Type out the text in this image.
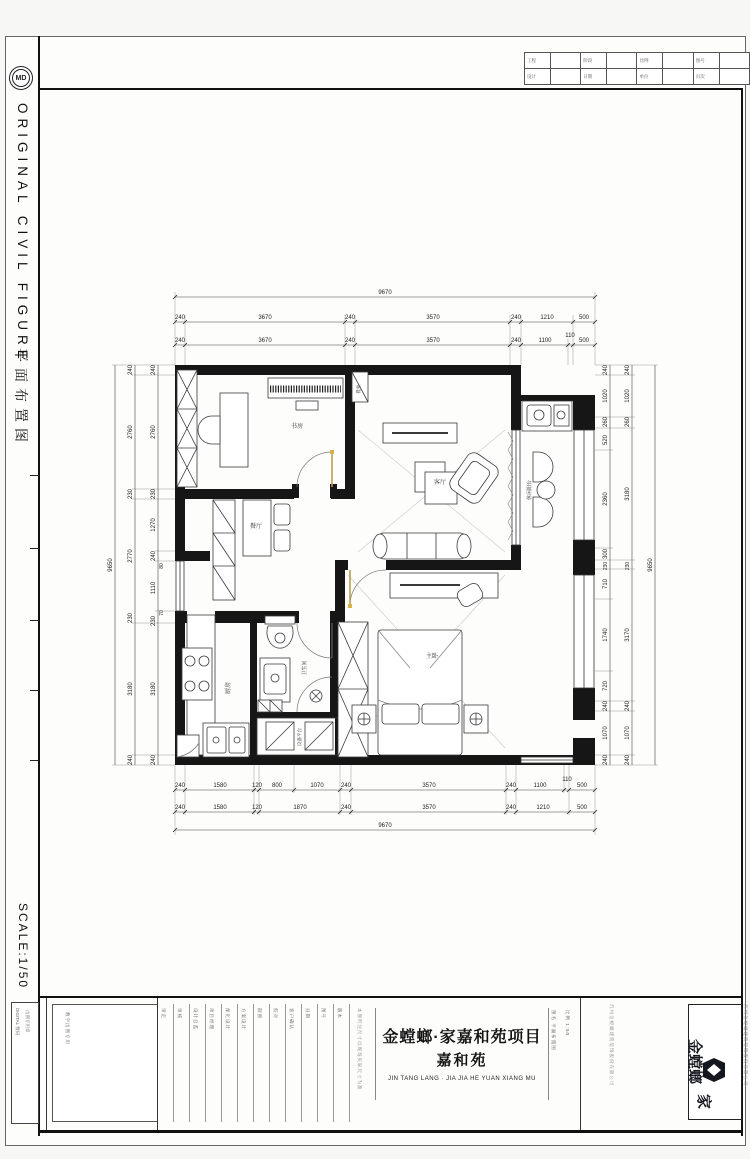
MD
ORIGINAL CIVIL FIGURE
平面布置图
SCALE:1/50
DIGITAL 数码 出图专用章
工程		阶段		比例		图号	
设计		日期		单位		页次	
9670
240	3670	240	3570	240	1210	500
240	3670	240	3570	240	1100
110
500
240	1580	120 800	1070	240	3570	240	1100
110
500
240	1580	120	1870	240	3570	240	1210	500
9670
9650
240
2760
230
2770
230
3180
240
240
2760
230
1270
240
80
1110
70
230
3180
240
9650
240
1020
260
520
2360
300
230
710
1740
720
240
1070
240
240
1020
260
3180
230
3170
240
1070
240
书房
餐厅
客厅
主卧
厨房
卫生间
休闲阳台
设备平台
鞋柜
数字出图专用	审定 审核 设计总监 项目经理 深化设计 方案设计 制图 校对 客户确认 日期 图号 版本	本图所注尺寸以现场实际尺寸为准	金螳螂·家嘉和苑项目
嘉和苑
JIN TANG LANG · JIA JIA HE YUAN XIANG MU
图名 平面布置图 比例 1:50	苏州金螳螂建筑装饰股份有限公司	金螳螂
家
苏州金螳螂建筑装饰股份有限公司
